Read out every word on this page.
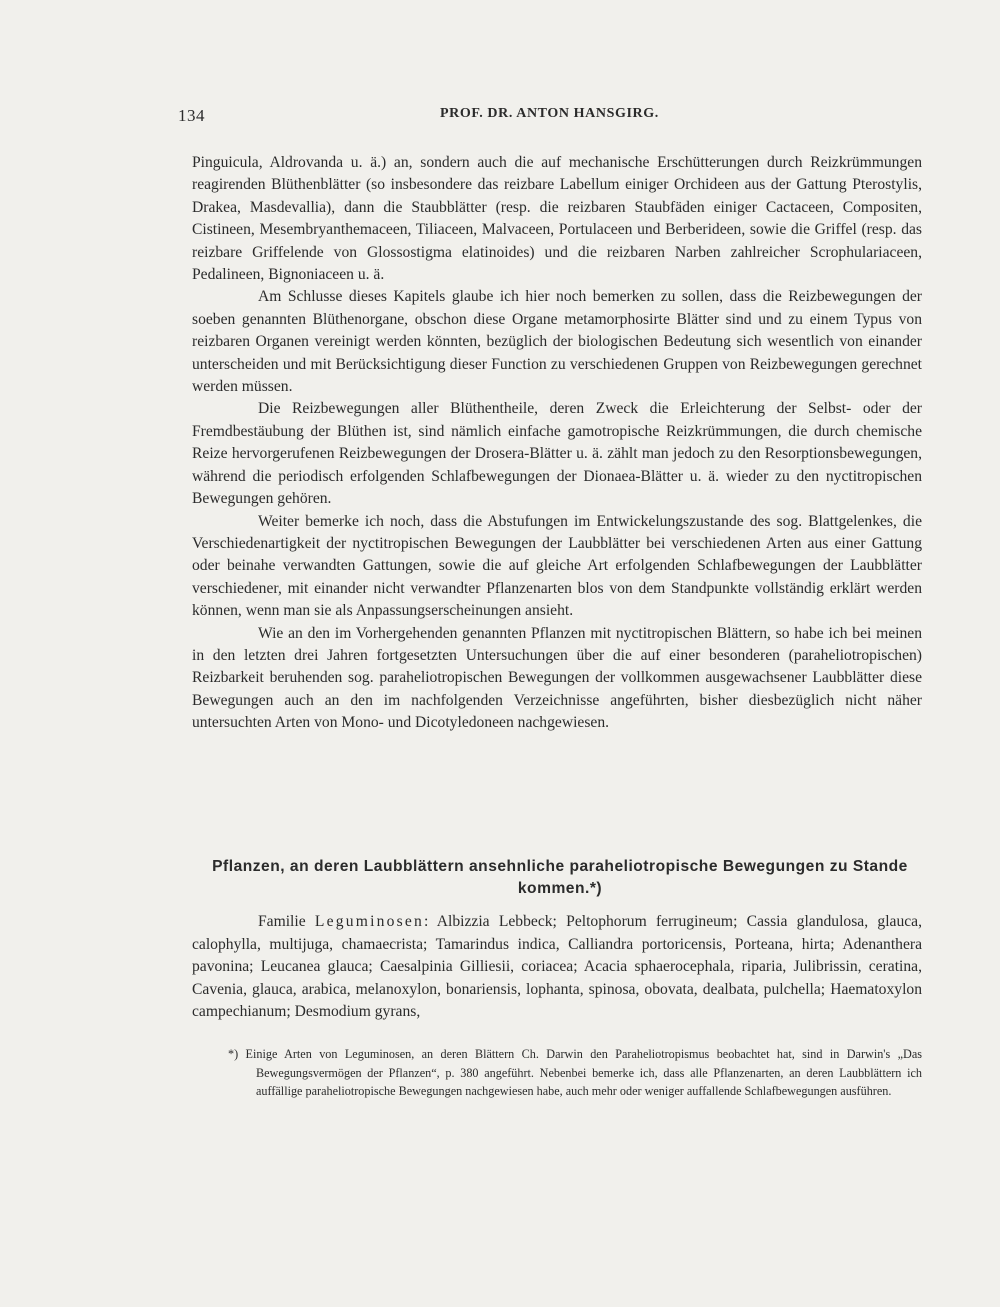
134	PROF. DR. ANTON HANSGIRG.

Pinguicula, Aldrovanda u. ä.) an, sondern auch die auf mechanische Erschütterungen durch Reizkrümmungen reagirenden Blüthenblätter (so insbesondere das reizbare Labellum einiger Orchideen aus der Gattung Pterostylis, Drakea, Masdevallia), dann die Staubblätter (resp. die reizbaren Staubfäden einiger Cactaceen, Compositen, Cistineen, Mesembryanthemaceen, Tiliaceen, Malvaceen, Portulaceen und Berberideen, sowie die Griffel (resp. das reizbare Griffelende von Glossostigma elatinoides) und die reizbaren Narben zahlreicher Scrophulariaceen, Pedalineen, Bignoniaceen u. ä.

Am Schlusse dieses Kapitels glaube ich hier noch bemerken zu sollen, dass die Reizbewegungen der soeben genannten Blüthenorgane, obschon diese Organe metamorphosirte Blätter sind und zu einem Typus von reizbaren Organen vereinigt werden könnten, bezüglich der biologischen Bedeutung sich wesentlich von einander unterscheiden und mit Berücksichtigung dieser Function zu verschiedenen Gruppen von Reizbewegungen gerechnet werden müssen.

Die Reizbewegungen aller Blüthentheile, deren Zweck die Erleichterung der Selbst- oder der Fremdbestäubung der Blüthen ist, sind nämlich einfache gamotropische Reizkrümmungen, die durch chemische Reize hervorgerufenen Reizbewegungen der Drosera-Blätter u. ä. zählt man jedoch zu den Resorptionsbewegungen, während die periodisch erfolgenden Schlafbewegungen der Dionaea-Blätter u. ä. wieder zu den nyctitropischen Bewegungen gehören.

Weiter bemerke ich noch, dass die Abstufungen im Entwickelungszustande des sog. Blattgelenkes, die Verschiedenartigkeit der nyctitropischen Bewegungen der Laubblätter bei verschiedenen Arten aus einer Gattung oder beinahe verwandten Gattungen, sowie die auf gleiche Art erfolgenden Schlafbewegungen der Laubblätter verschiedener, mit einander nicht verwandter Pflanzenarten blos von dem Standpunkte vollständig erklärt werden können, wenn man sie als Anpassungserscheinungen ansieht.

Wie an den im Vorhergehenden genannten Pflanzen mit nyctitropischen Blättern, so habe ich bei meinen in den letzten drei Jahren fortgesetzten Untersuchungen über die auf einer besonderen (paraheliotropischen) Reizbarkeit beruhenden sog. paraheliotropischen Bewegungen der vollkommen ausgewachsener Laubblätter diese Bewegungen auch an den im nachfolgenden Verzeichnisse angeführten, bisher diesbezüglich nicht näher untersuchten Arten von Mono- und Dicotyledoneen nachgewiesen.

Pflanzen, an deren Laubblättern ansehnliche paraheliotropische Bewegungen zu Stande kommen.*)

Familie Leguminosen: Albizzia Lebbeck; Peltophorum ferrugineum; Cassia glandulosa, glauca, calophylla, multijuga, chamaecrista; Tamarindus indica, Calliandra portoricensis, Porteana, hirta; Adenanthera pavonina; Leucanea glauca; Caesalpinia Gilliesii, coriacea; Acacia sphaerocephala, riparia, Julibrissin, ceratina, Cavenia, glauca, arabica, melanoxylon, bonariensis, lophanta, spinosa, obovata, dealbata, pulchella; Haematoxylon campechianum; Desmodium gyrans,

*) Einige Arten von Leguminosen, an deren Blättern Ch. Darwin den Paraheliotropismus beobachtet hat, sind in Darwin's „Das Bewegungsvermögen der Pflanzen“, p. 380 angeführt. Nebenbei bemerke ich, dass alle Pflanzenarten, an deren Laubblättern ich auffällige paraheliotropische Bewegungen nachgewiesen habe, auch mehr oder weniger auffallende Schlafbewegungen ausführen.
